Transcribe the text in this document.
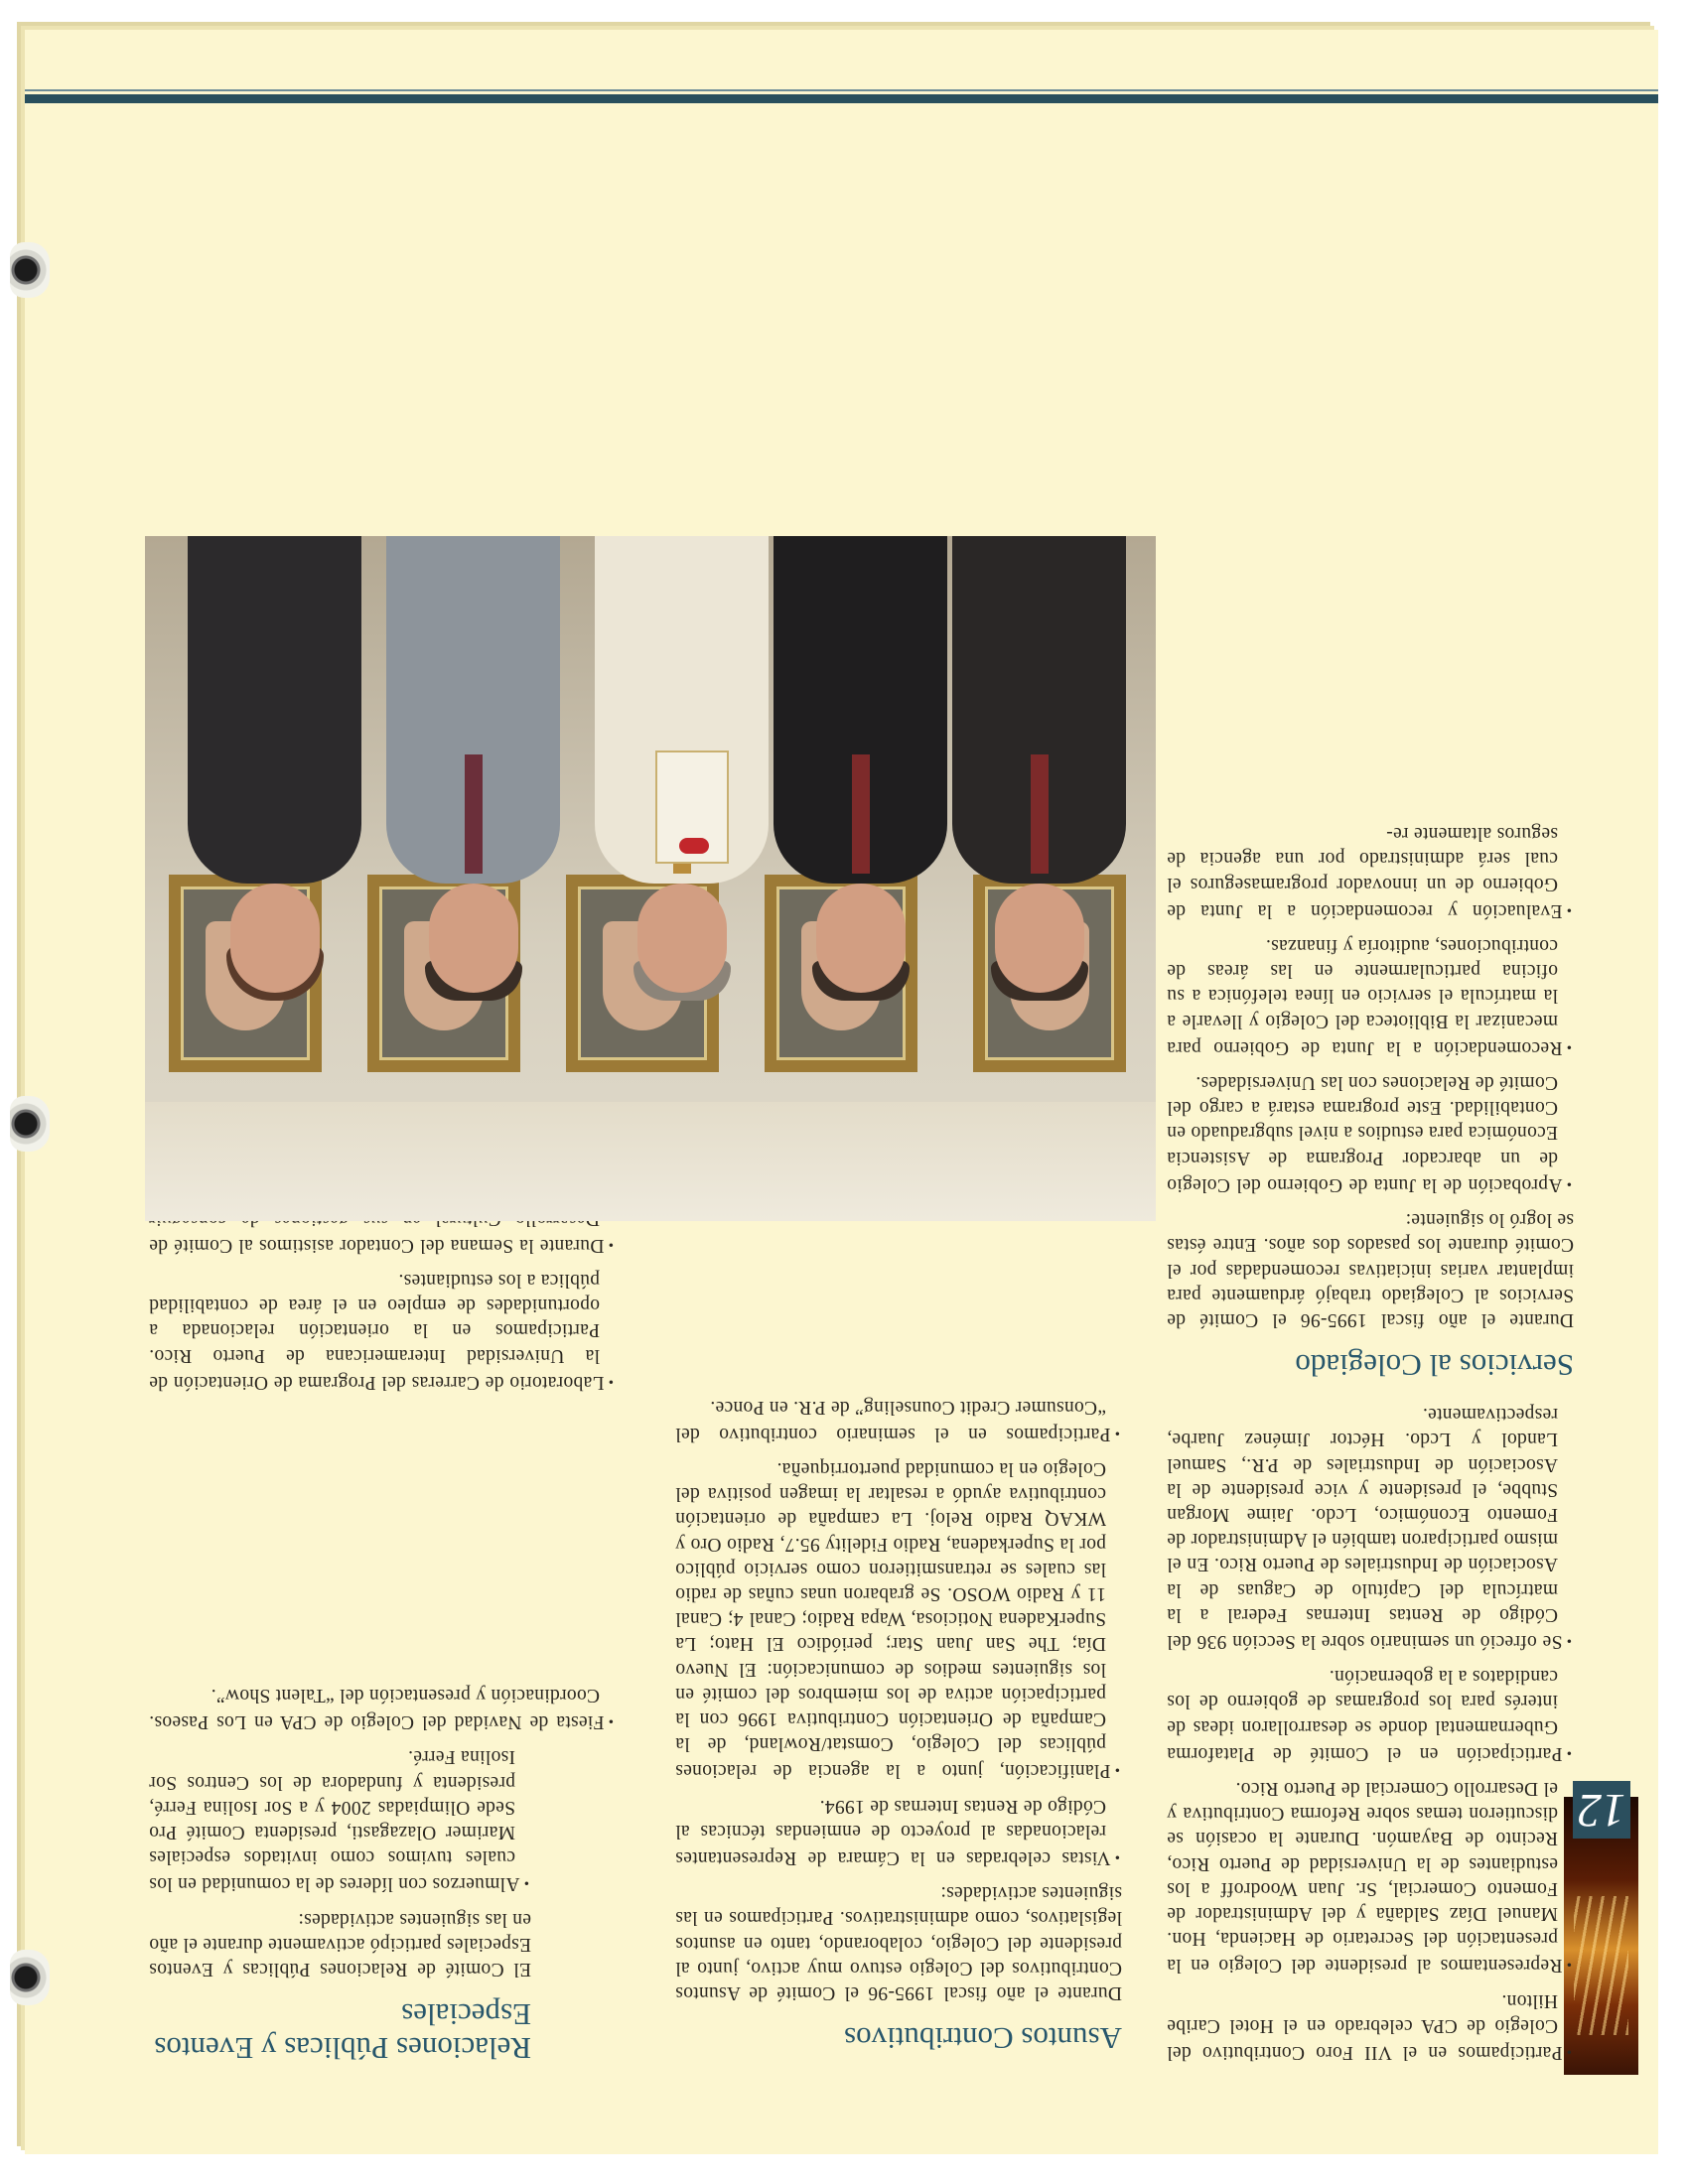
12
Relaciones Públicas y Eventos Especiales

El Comité de Relaciones Públicas y Eventos Especiales participó activamente durante el año en las siguientes actividades:

• Almuerzos con líderes de la comunidad en los cuales tuvimos como invitados especiales Marimer Olazagasti, presidenta Comité Pro Sede Olimpiadas 2004 y a Sor Isolina Ferré, presidenta y fundadora de los Centros Sor Isolina Ferré.

• Fiesta de Navidad del Colegio de CPA en Los Paseos. Coordinación y presentación del “Talent Show”.

• Laboratorio de Carreras del Programa de Orientación de la Universidad Interamericana de Puerto Rico. Participamos en la orientación relacionada a oportunidades de empleo en el área de contabilidad pública a los estudiantes.

• Durante la Semana del Contador asistimos al Comité de

Asuntos Contributivos

Durante el año fiscal 1995-96 el Comité de Asuntos Contributivos del Colegio estuvo muy activo, junto al presidente del Colegio, colaborando, tanto en asuntos legislativos, como administrativos. Participamos en las siguientes actividades:

• Vistas celebradas en la Cámara de Representantes relacionadas al proyecto de enmiendas técnicas al Código de Rentas Internas de 1994.

• Planificación, junto a la agencia de relaciones públicas del Colegio, Comstat/Rowland, de la Campaña de Orientación Contributiva 1996 con la participación activa de los miembros del comité en los siguientes medios de comunicación: El Nuevo Día; The San Juan Star; periódico El Hato; La SuperKadena Noticiosa, Wapa Radio; Canal 4; Canal 11 y Radio WOSO. Se grabaron unas cuñas de radio las cuales se retransmitieron como servicio público por la Superkadena, Radio Fidelity 95.7, Radio Oro y WKAQ Radio Reloj. La campaña de orientación contributiva ayudó a resaltar la imagen positiva del Colegio en la comunidad puertorriqueña.

• Participamos en el seminario contributivo del “Consumer Credit Counseling” de P.R. en Ponce.

• Participamos en el VII Foro Contributivo del Colegio de CPA celebrado en el Hotel Caribe Hilton.

• Representamos al presidente del Colegio en la presentación del Secretario de Hacienda, Hon. Manuel Díaz Saldaña y del Administrador de Fomento Comercial, Sr. Juan Woodroff a los estudiantes de la Universidad de Puerto Rico, Recinto de Bayamón. Durante la ocasión se discutieron temas sobre Reforma Contributiva y el Desarrollo Comercial de Puerto Rico.

• Participación en el Comité de Plataforma Gubernamental donde se desarrollaron ideas de interés para los programas de gobierno de los candidatos a la gobernación.

• Se ofreció un seminario sobre la Sección 936 del Código de Rentas Internas Federal a la matrícula del Capítulo de Caguas de la Asociación de Industriales de Puerto Rico. En el mismo participaron también el Administrador de Fomento Económico, Lcdo. Jaime Morgan Stubbe, el presidente y vice presidente de la Asociación de Industriales de P.R., Samuel Landol y Lcdo. Héctor Jiménez Juarbe, respectivamente.

Servicios al Colegiado

Durante el año fiscal 1995-96 el Comité de Servicios al Colegiado trabajó árduamente para implantar varias iniciativas recomendadas por el Comité durante los pasados dos años. Entre éstas se logró lo siguiente:

• Aprobación de la Junta de Gobierno del Colegio de un abarcador Programa de Asistencia Económica para estudios a nivel subgraduado en Contabilidad. Este programa estará a cargo del Comité de Relaciones con las Universidades.

• Recomendación a la Junta de Gobierno para mecanizar la Biblioteca del Colegio y llevarle a la matrícula el servicio en línea telefónica a su oficina particularmente en las áreas de contribuciones, auditoría y finanzas.

• Evaluación y recomendación a la Junta de Gobierno de un innovador programaseguros el cual será administrado por una agencia de seguros altamente re-
